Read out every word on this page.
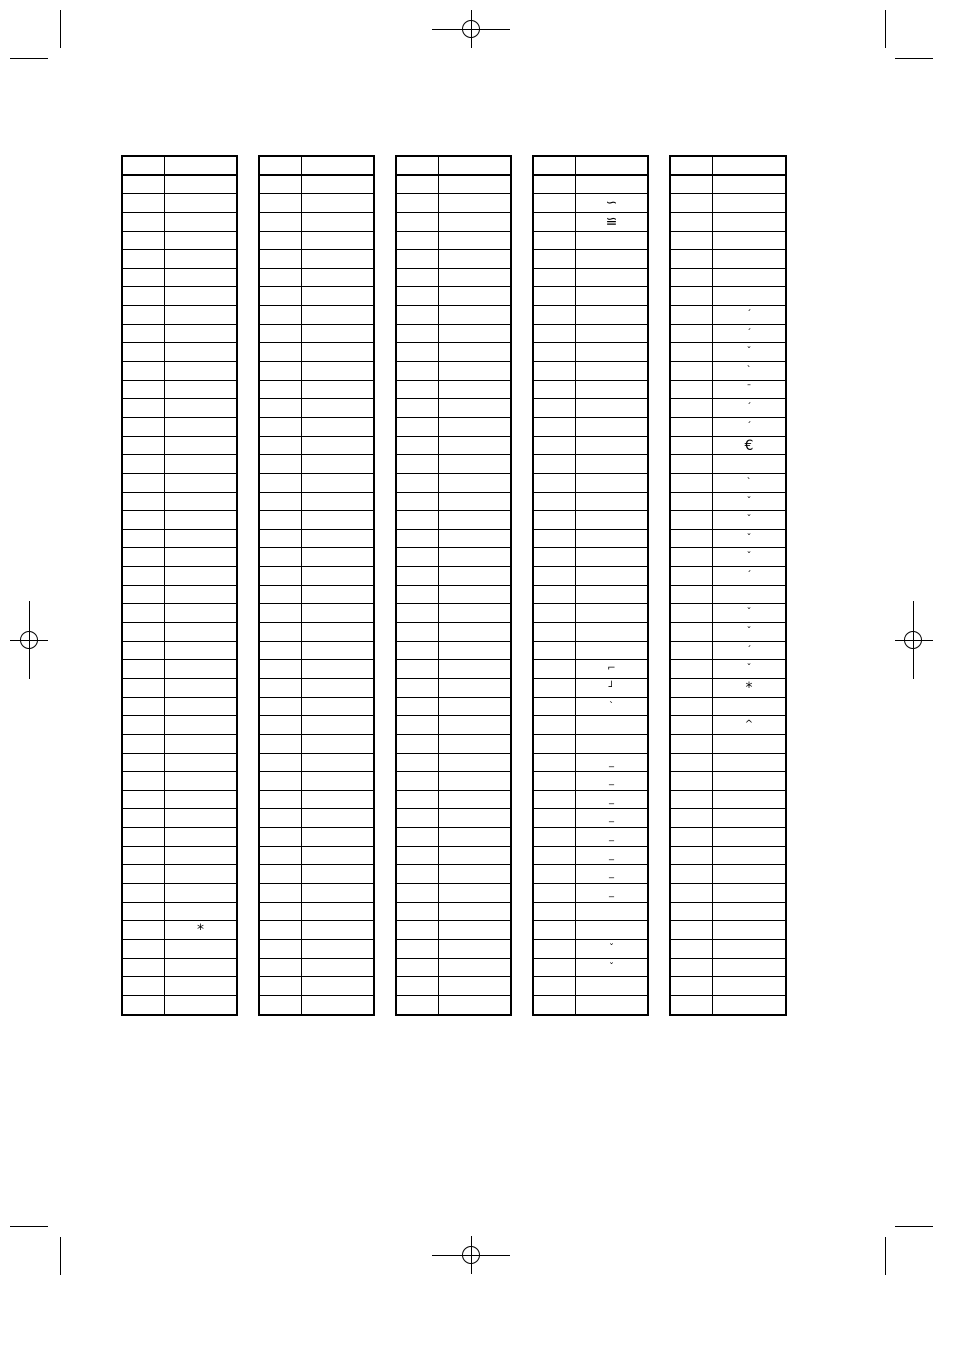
*
∽
≌
⌐
┘
`
_
_
_
_
_
_
_
_
ˇ
ˇ
´
´
ˇ
`
¯
´
´
€
`
ˇ
ˇ
ˇ
ˇ
´
ˇ
ˇ
´
ˇ
*
^
